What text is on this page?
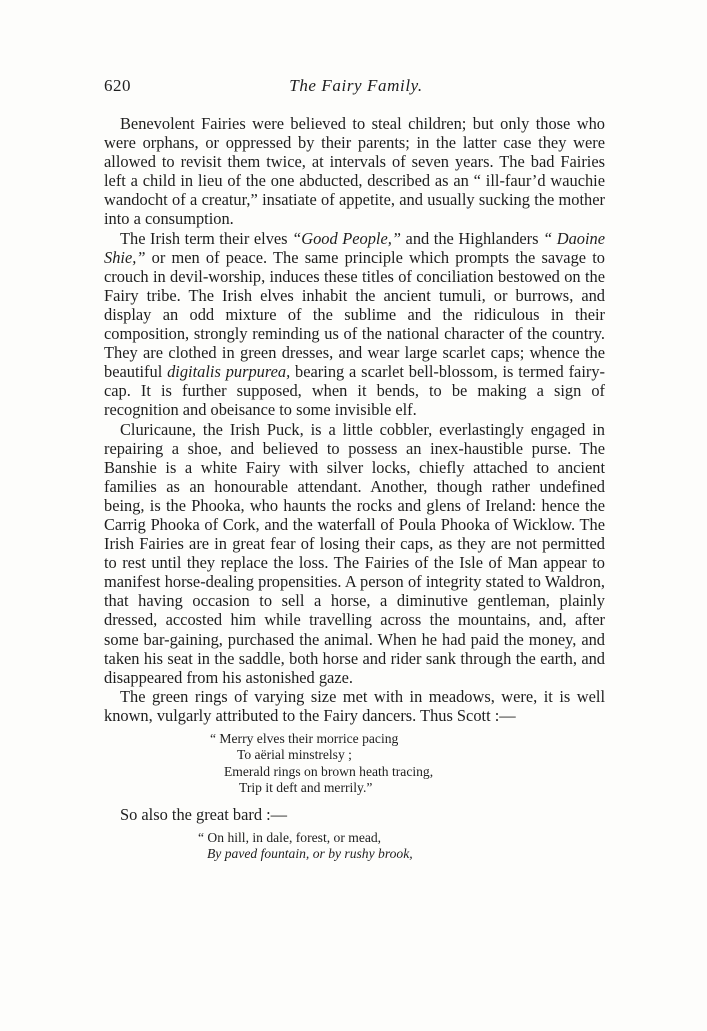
620	The Fairy Family.

Benevolent Fairies were believed to steal children; but only those who were orphans, or oppressed by their parents; in the latter case they were allowed to revisit them twice, at intervals of seven years. The bad Fairies left a child in lieu of the one abducted, described as an “ ill-faur’d wauchie wandocht of a creatur,” insatiate of appetite, and usually sucking the mother into a consumption.

The Irish term their elves “Good People,” and the Highlanders “ Daoine Shie,” or men of peace. The same principle which prompts the savage to crouch in devil-worship, induces these titles of conciliation bestowed on the Fairy tribe. The Irish elves inhabit the ancient tumuli, or burrows, and display an odd mixture of the sublime and the ridiculous in their composition, strongly reminding us of the national character of the country. They are clothed in green dresses, and wear large scarlet caps; whence the beautiful digitalis purpurea, bearing a scarlet bell-blossom, is termed fairy-cap. It is further supposed, when it bends, to be making a sign of recognition and obeisance to some invisible elf.

Cluricaune, the Irish Puck, is a little cobbler, everlastingly engaged in repairing a shoe, and believed to possess an inex-haustible purse. The Banshie is a white Fairy with silver locks, chiefly attached to ancient families as an honourable attendant. Another, though rather undefined being, is the Phooka, who haunts the rocks and glens of Ireland: hence the Carrig Phooka of Cork, and the waterfall of Poula Phooka of Wicklow. The Irish Fairies are in great fear of losing their caps, as they are not permitted to rest until they replace the loss. The Fairies of the Isle of Man appear to manifest horse-dealing propensities. A person of integrity stated to Waldron, that having occasion to sell a horse, a diminutive gentleman, plainly dressed, accosted him while travelling across the mountains, and, after some bar-gaining, purchased the animal. When he had paid the money, and taken his seat in the saddle, both horse and rider sank through the earth, and disappeared from his astonished gaze.

The green rings of varying size met with in meadows, were, it is well known, vulgarly attributed to the Fairy dancers. Thus Scott :—

“ Merry elves their morrice pacing
To aërial minstrelsy ;
Emerald rings on brown heath tracing,
Trip it deft and merrily.”

So also the great bard :—

“ On hill, in dale, forest, or mead,
By paved fountain, or by rushy brook,
